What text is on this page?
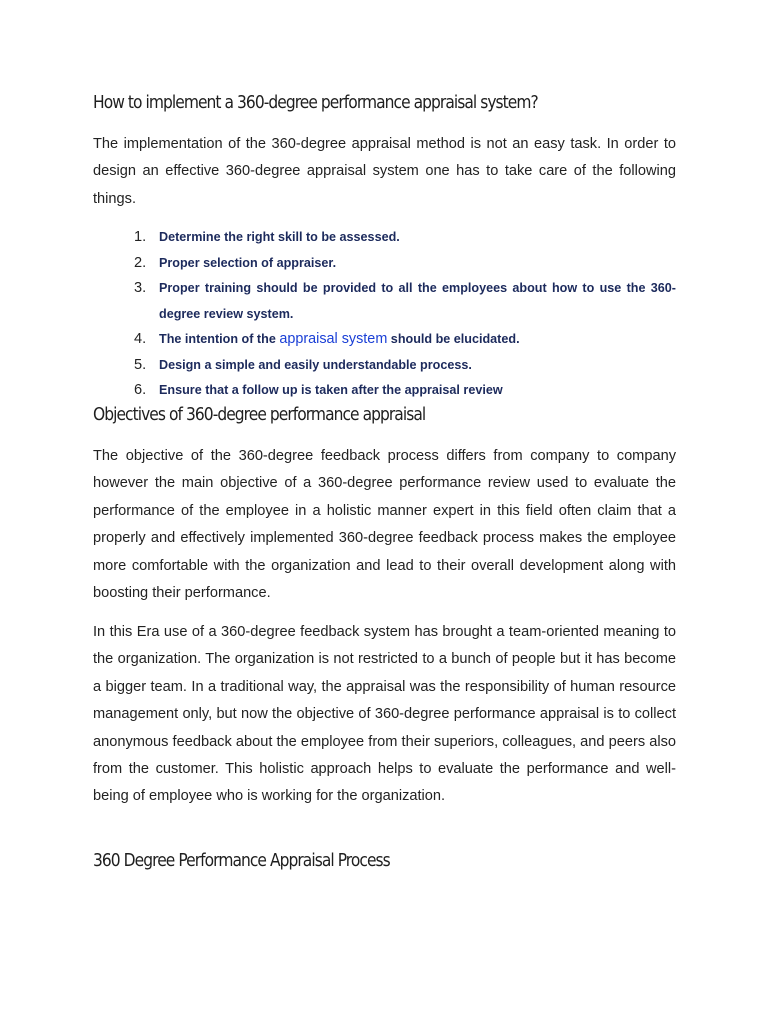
How to implement a 360-degree performance appraisal system?

The implementation of the 360-degree appraisal method is not an easy task. In order to design an effective 360-degree appraisal system one has to take care of the following things.

1. Determine the right skill to be assessed.
2. Proper selection of appraiser.
3. Proper training should be provided to all the employees about how to use the 360-degree review system.
4. The intention of the appraisal system should be elucidated.
5. Design a simple and easily understandable process.
6. Ensure that a follow up is taken after the appraisal review
Objectives of 360-degree performance appraisal

The objective of the 360-degree feedback process differs from company to company however the main objective of a 360-degree performance review used to evaluate the performance of the employee in a holistic manner expert in this field often claim that a properly and effectively implemented 360-degree feedback process makes the employee more comfortable with the organization and lead to their overall development along with boosting their performance.

In this Era use of a 360-degree feedback system has brought a team-oriented meaning to the organization. The organization is not restricted to a bunch of people but it has become a bigger team. In a traditional way, the appraisal was the responsibility of human resource management only, but now the objective of 360-degree performance appraisal is to collect anonymous feedback about the employee from their superiors, colleagues, and peers also from the customer. This holistic approach helps to evaluate the performance and well-being of employee who is working for the organization.

360 Degree Performance Appraisal Process
